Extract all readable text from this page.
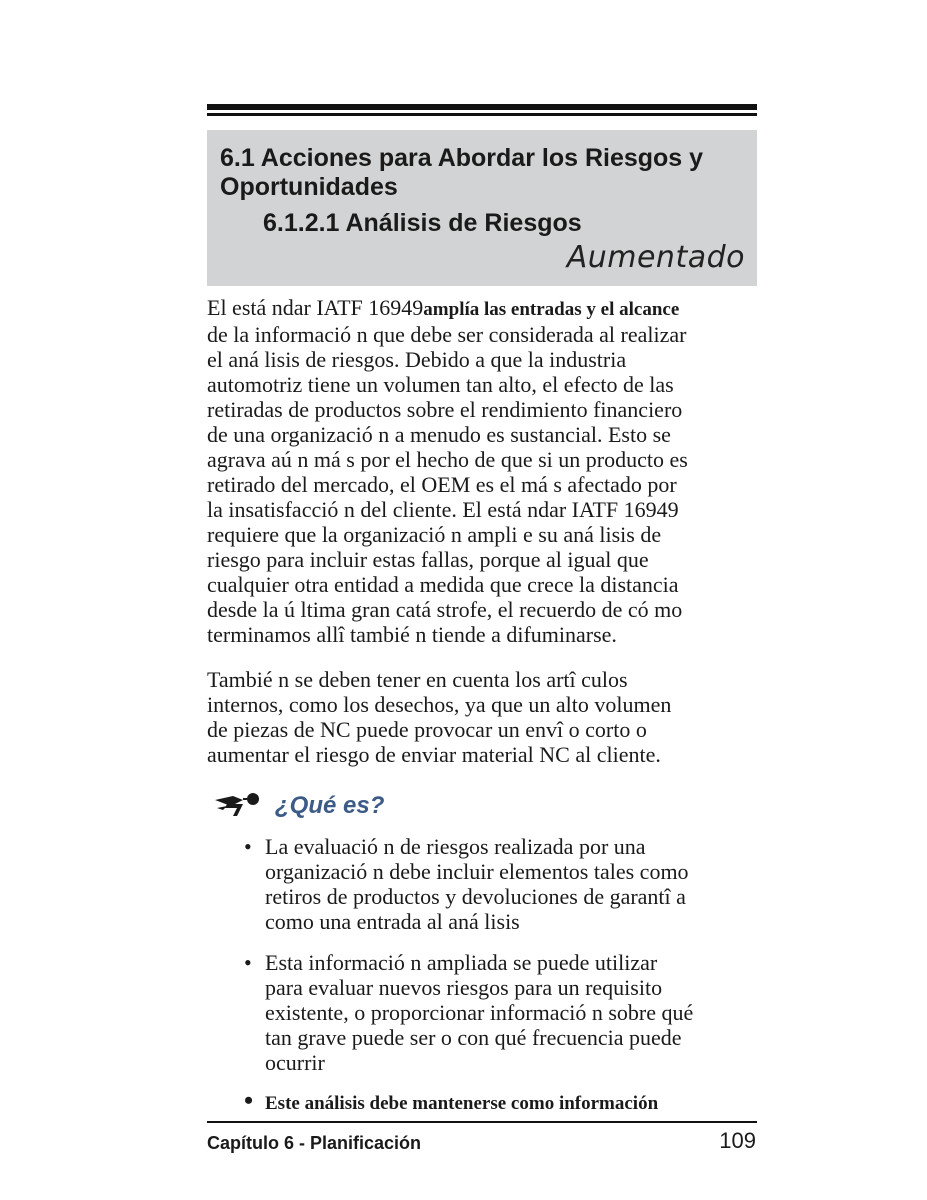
6.1 Acciones para Abordar los Riesgos y Oportunidades
6.1.2.1 Análisis de Riesgos
Aumentado
El está ndar IATF 16949amplía las entradas y el alcance
de la informació n que debe ser considerada al realizar
el aná lisis de riesgos. Debido a que la industria
automotriz tiene un volumen tan alto, el efecto de las
retiradas de productos sobre el rendimiento financiero
de una organizació n a menudo es sustancial. Esto se
agrava aú n má s por el hecho de que si un producto es
retirado del mercado, el OEM es el má s afectado por
la insatisfacció n del cliente. El está ndar IATF 16949
requiere que la organizació n ampli e su aná lisis de
riesgo para incluir estas fallas, porque al igual que
cualquier otra entidad a medida que crece la distancia
desde la ú ltima gran catá strofe, el recuerdo de có mo
terminamos allî tambié n tiende a difuminarse.
Tambié n se deben tener en cuenta los artî culos
internos, como los desechos, ya que un alto volumen
de piezas de NC puede provocar un envî o corto o
aumentar el riesgo de enviar material NC al cliente.
¿Qué es?
• La evaluació n de riesgos realizada por una
organizació n debe incluir elementos tales como
retiros de productos y devoluciones de garantî a
como una entrada al aná lisis
• Esta informació n ampliada se puede utilizar
para evaluar nuevos riesgos para un requisito
existente, o proporcionar informació n sobre qué
tan grave puede ser o con qué frecuencia puede
ocurrir
• Este análisis debe mantenerse como información
Capítulo 6 - Planificación	109
